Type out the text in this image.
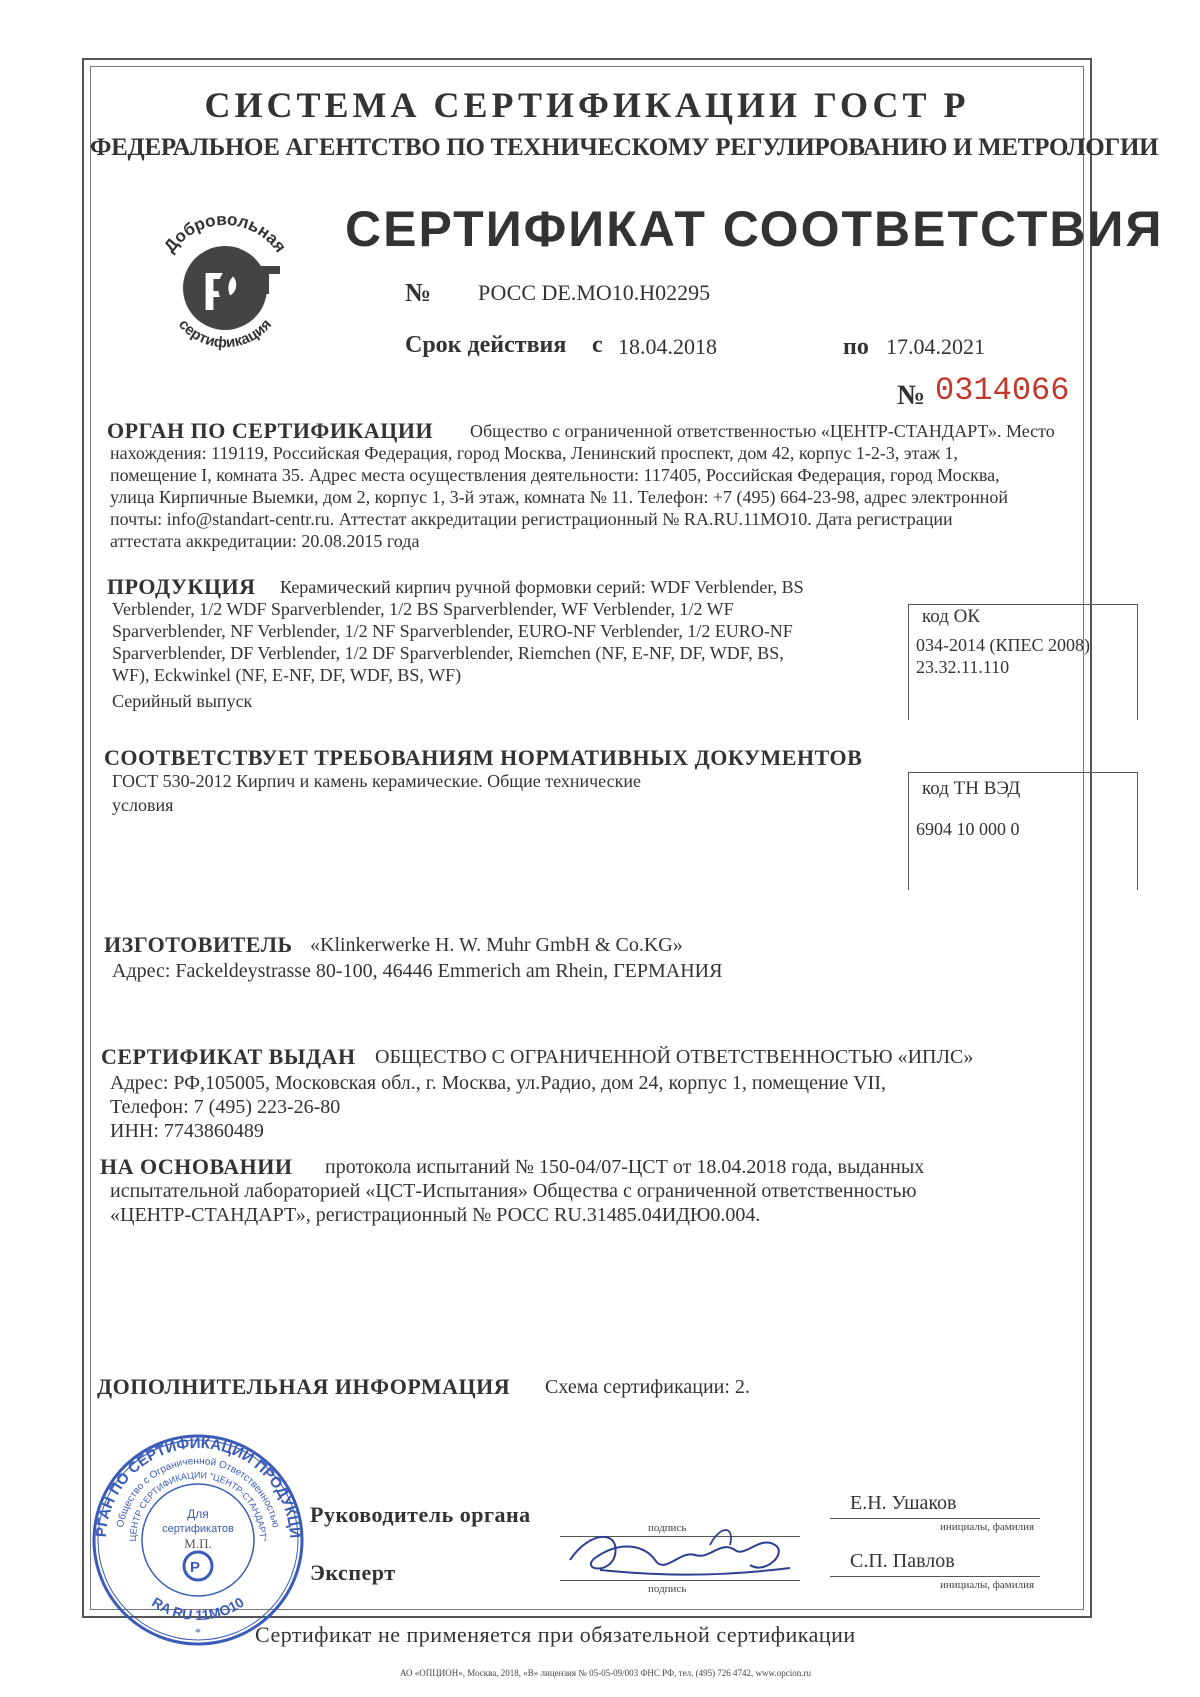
СИСТЕМА СЕРТИФИКАЦИИ ГОСТ Р
ФЕДЕРАЛЬНОЕ АГЕНТСТВО ПО ТЕХНИЧЕСКОМУ РЕГУЛИРОВАНИЮ И МЕТРОЛОГИИ
Добровольная
сертификация
P
СЕРТИФИКАТ СООТВЕТСТВИЯ
№ РОСС DE.МО10.Н02295
Срок действия с 18.04.2018	по 17.04.2021
№ 0314066
ОРГАН ПО СЕРТИФИКАЦИИ Общество с ограниченной ответственностью «ЦЕНТР-СТАНДАРТ». Место
нахождения: 119119, Российская Федерация, город Москва, Ленинский проспект, дом 42, корпус 1-2-3, этаж 1,
помещение I, комната 35. Адрес места осуществления деятельности: 117405, Российская Федерация, город Москва,
улица Кирпичные Выемки, дом 2, корпус 1, 3-й этаж, комната № 11. Телефон: +7 (495) 664-23-98, адрес электронной
почты: info@standart-centr.ru. Аттестат аккредитации регистрационный № RA.RU.11МО10. Дата регистрации
аттестата аккредитации: 20.08.2015 года
ПРОДУКЦИЯ Керамический кирпич ручной формовки серий: WDF Verblender, BS
Verblender, 1/2 WDF Sparverblender, 1/2 BS Sparverblender, WF Verblender, 1/2 WF
Sparverblender, NF Verblender, 1/2 NF Sparverblender, EURO-NF Verblender, 1/2 EURO-NF
Sparverblender, DF Verblender, 1/2 DF Sparverblender, Riemchen (NF, E-NF, DF, WDF, BS,
WF), Eckwinkel (NF, E-NF, DF, WDF, BS, WF)
Серийный выпуск
код ОК
034-2014 (КПЕС 2008)
23.32.11.110
СООТВЕТСТВУЕТ ТРЕБОВАНИЯМ НОРМАТИВНЫХ ДОКУМЕНТОВ
ГОСТ 530-2012 Кирпич и камень керамические. Общие технические
условия
код ТН ВЭД
6904 10 000 0
ИЗГОТОВИТЕЛЬ «Klinkerwerke H. W. Muhr GmbH & Co.KG»
Адрес: Fackeldeystrasse 80-100, 46446 Emmerich am Rhein, ГЕРМАНИЯ
СЕРТИФИКАТ ВЫДАН ОБЩЕСТВО С ОГРАНИЧЕННОЙ ОТВЕТСТВЕННОСТЬЮ «ИПЛС»
Адрес: РФ,105005, Московская обл., г. Москва, ул.Радио, дом 24, корпус 1, помещение VII,
Телефон: 7 (495) 223-26-80
ИНН: 7743860489
НА ОСНОВАНИИ протокола испытаний № 150-04/07-ЦСТ от 18.04.2018 года, выданных
испытательной лабораторией «ЦСТ-Испытания» Общества с ограниченной ответственностью
«ЦЕНТР-СТАНДАРТ», регистрационный № РОСС RU.31485.04ИДЮ0.004.
ДОПОЛНИТЕЛЬНАЯ ИНФОРМАЦИЯ Схема сертификации: 2.
Руководитель органа	Е.Н. Ушаков
инициалы, фамилия
подпись
Эксперт	С.П. Павлов
инициалы, фамилия
подпись
РГАН ПО СЕРТИФИКАЦИИ ПРОДУКЦИ
Общество с Ограниченной Ответственностью
ЦЕНТР СЕРТИФИКАЦИИ "ЦЕНТР-СТАНДАРТ"
RA RU 11МО10
Для
сертификатов
М.П.
P
* Сертификат не применяется при обязательной сертификации
АО «ОПЦИОН», Москва, 2018, «В» лицензия № 05-05-09/003 ФНС РФ, тел. (495) 726 4742, www.opcion.ru
